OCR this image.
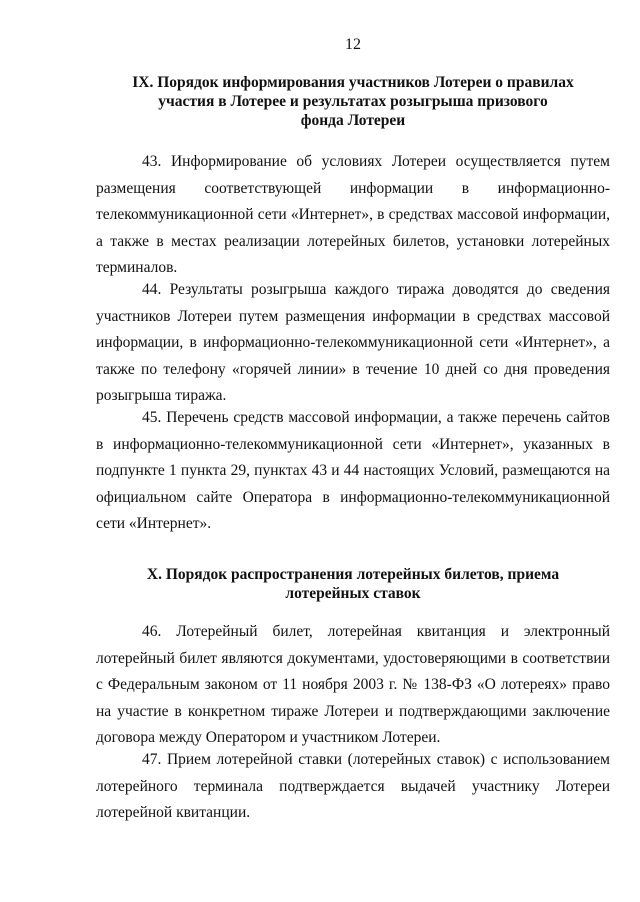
12
IX. Порядок информирования участников Лотереи о правилах
участия в Лотерее и результатах розыгрыша призового
фонда Лотереи

43. Информирование об условиях Лотереи осуществляется путем размещения соответствующей информации в информационно-телекоммуникационной сети «Интернет», в средствах массовой информации, а также в местах реализации лотерейных билетов, установки лотерейных терминалов.

44. Результаты розыгрыша каждого тиража доводятся до сведения участников Лотереи путем размещения информации в средствах массовой информации, в информационно-телекоммуникационной сети «Интернет», а также по телефону «горячей линии» в течение 10 дней со дня проведения розыгрыша тиража.

45. Перечень средств массовой информации, а также перечень сайтов в информационно-телекоммуникационной сети «Интернет», указанных в подпункте 1 пункта 29, пунктах 43 и 44 настоящих Условий, размещаются на официальном сайте Оператора в информационно-телекоммуникационной сети «Интернет».

X. Порядок распространения лотерейных билетов, приема
лотерейных ставок

46. Лотерейный билет, лотерейная квитанция и электронный лотерейный билет являются документами, удостоверяющими в соответствии с Федеральным законом от 11 ноября 2003 г. № 138-ФЗ «О лотереях» право на участие в конкретном тираже Лотереи и подтверждающими заключение договора между Оператором и участником Лотереи.

47. Прием лотерейной ставки (лотерейных ставок) с использованием лотерейного терминала подтверждается выдачей участнику Лотереи лотерейной квитанции.
